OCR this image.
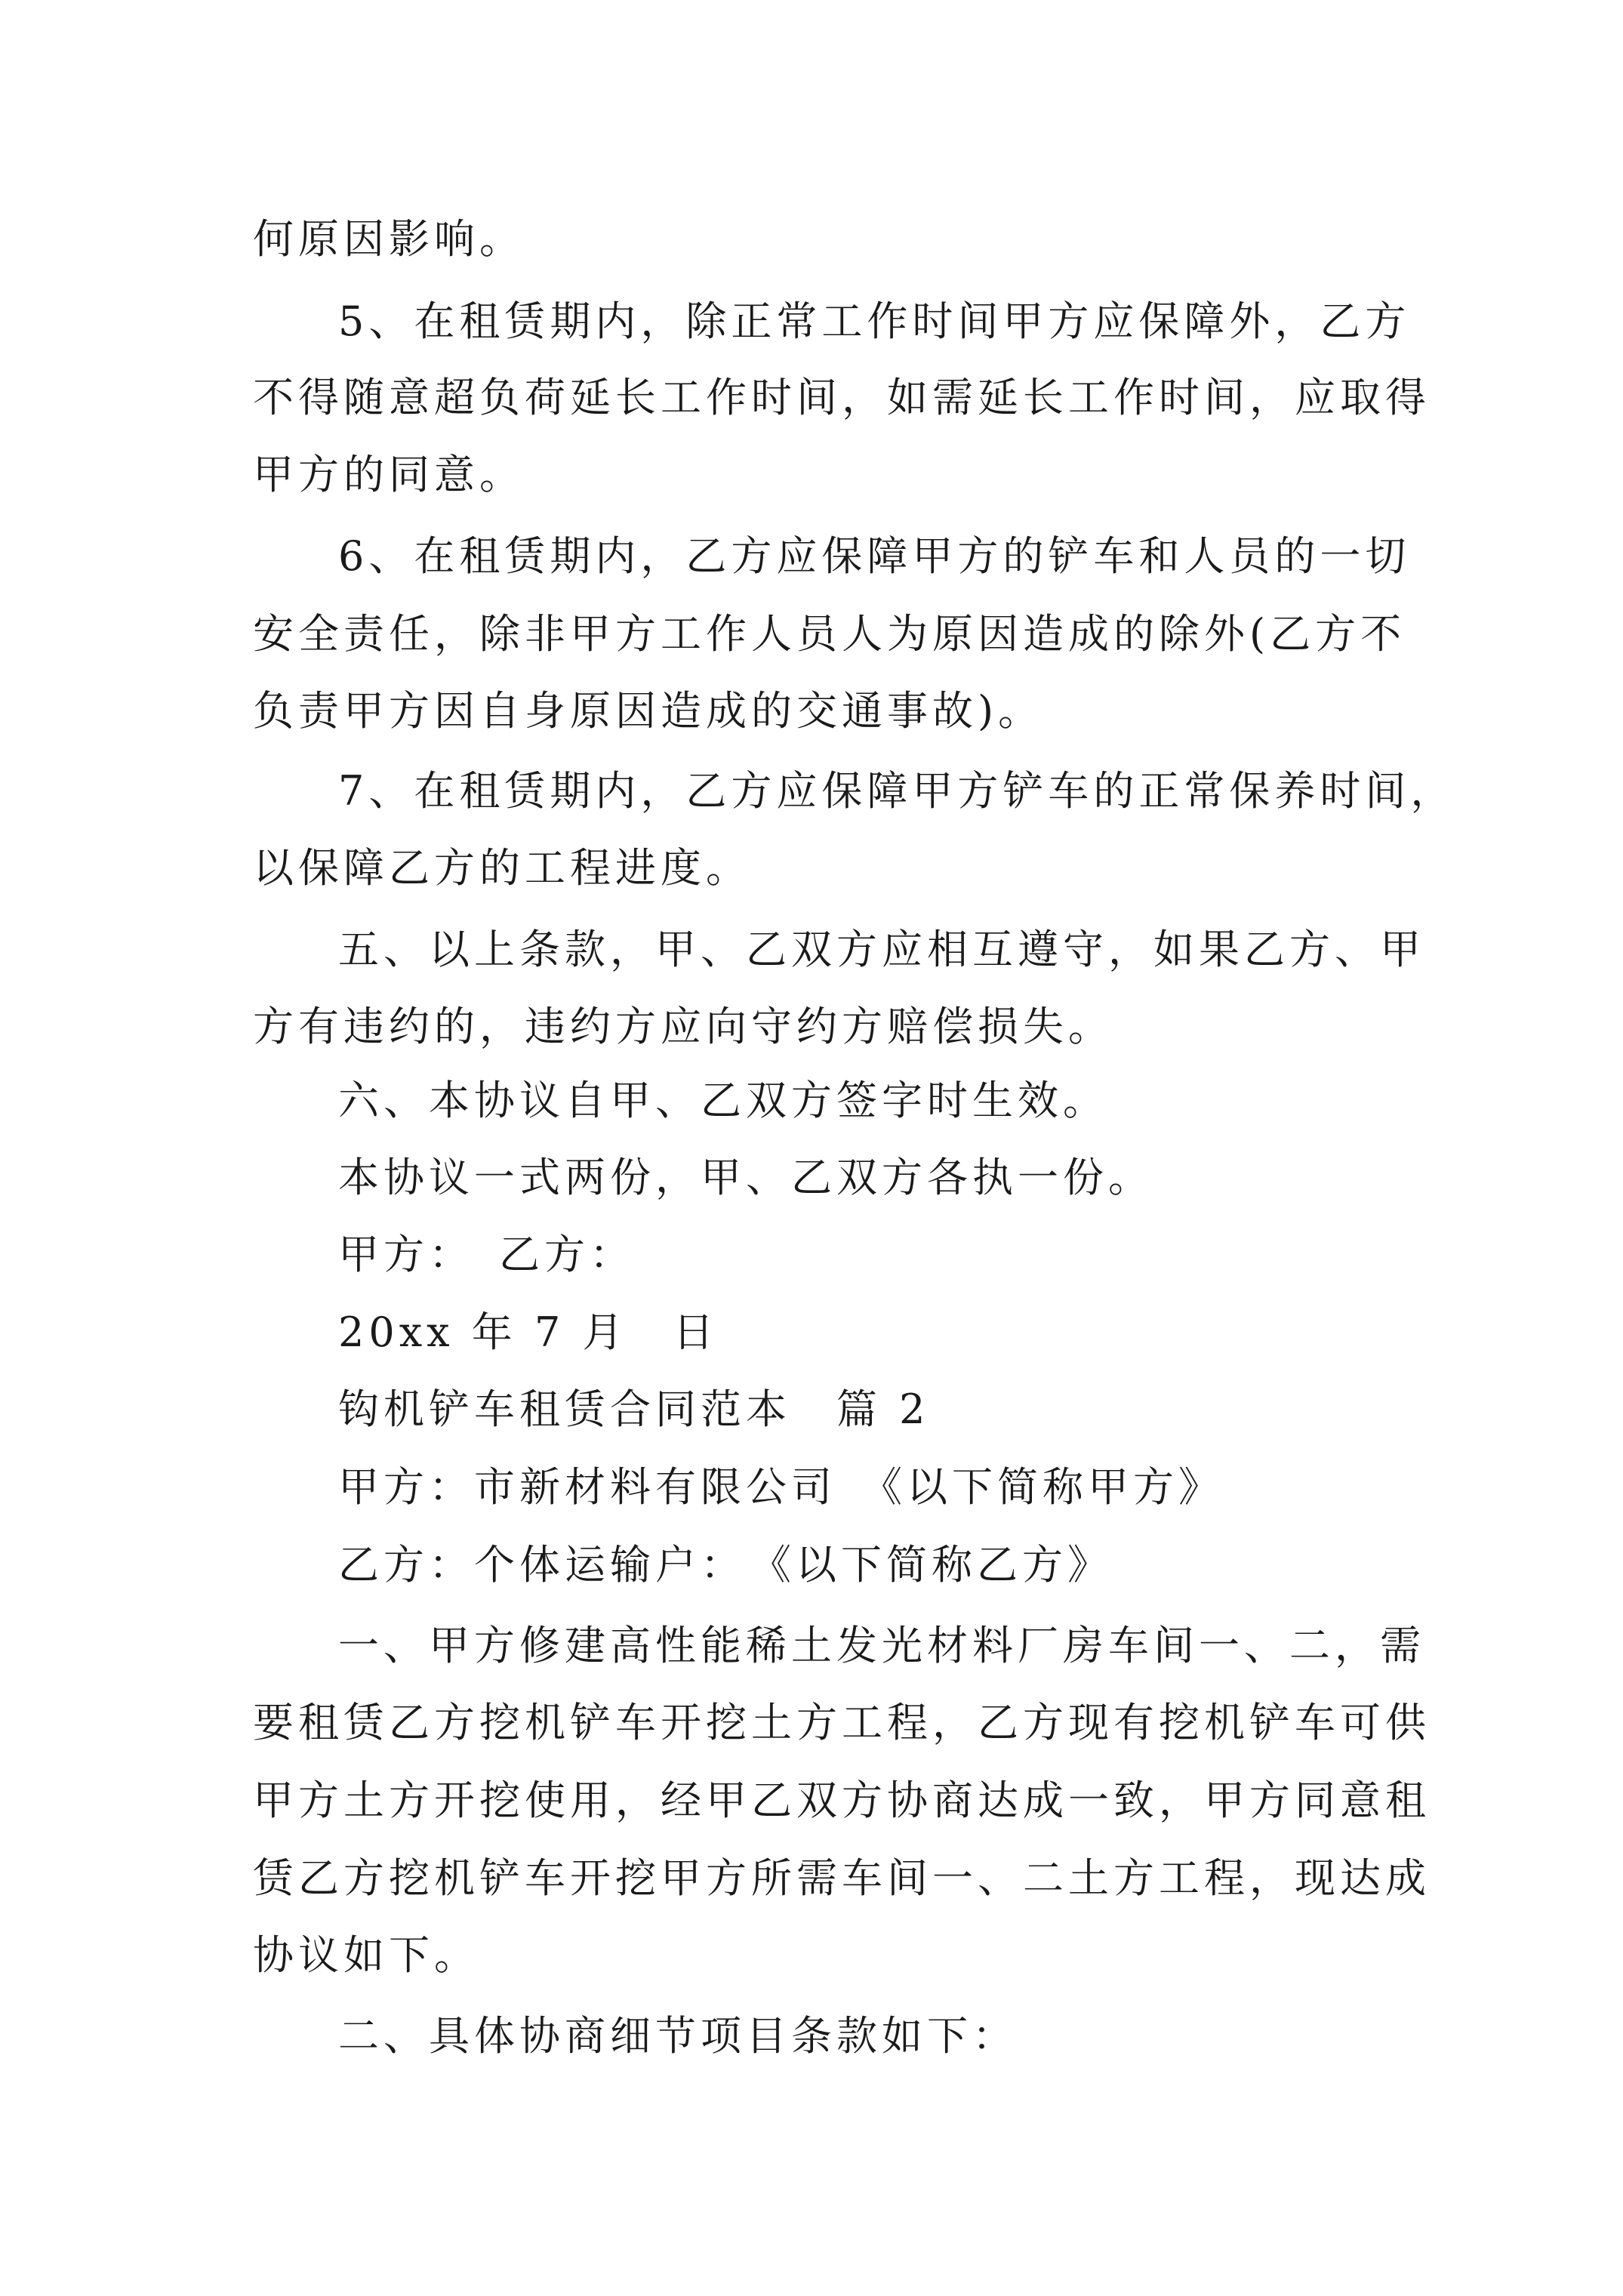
何原因影响。
5、在租赁期内，除正常工作时间甲方应保障外，乙方
不得随意超负荷延长工作时间，如需延长工作时间，应取得
甲方的同意。
6、在租赁期内，乙方应保障甲方的铲车和人员的一切
安全责任，除非甲方工作人员人为原因造成的除外(乙方不
负责甲方因自身原因造成的交通事故)。
7、在租赁期内，乙方应保障甲方铲车的正常保养时间，
以保障乙方的工程进度。
五、以上条款，甲、乙双方应相互遵守，如果乙方、甲
方有违约的，违约方应向守约方赔偿损失。
六、本协议自甲、乙双方签字时生效。
本协议一式两份，甲、乙双方各执一份。
甲方：　乙方：
20xx 年 7 月　日
钩机铲车租赁合同范本　篇 2
甲方：市新材料有限公司　《以下简称甲方》
乙方：个体运输户：　《以下简称乙方》
一、甲方修建高性能稀土发光材料厂房车间一、二，需
要租赁乙方挖机铲车开挖土方工程，乙方现有挖机铲车可供
甲方土方开挖使用，经甲乙双方协商达成一致，甲方同意租
赁乙方挖机铲车开挖甲方所需车间一、二土方工程，现达成
协议如下。
二、具体协商细节项目条款如下：
